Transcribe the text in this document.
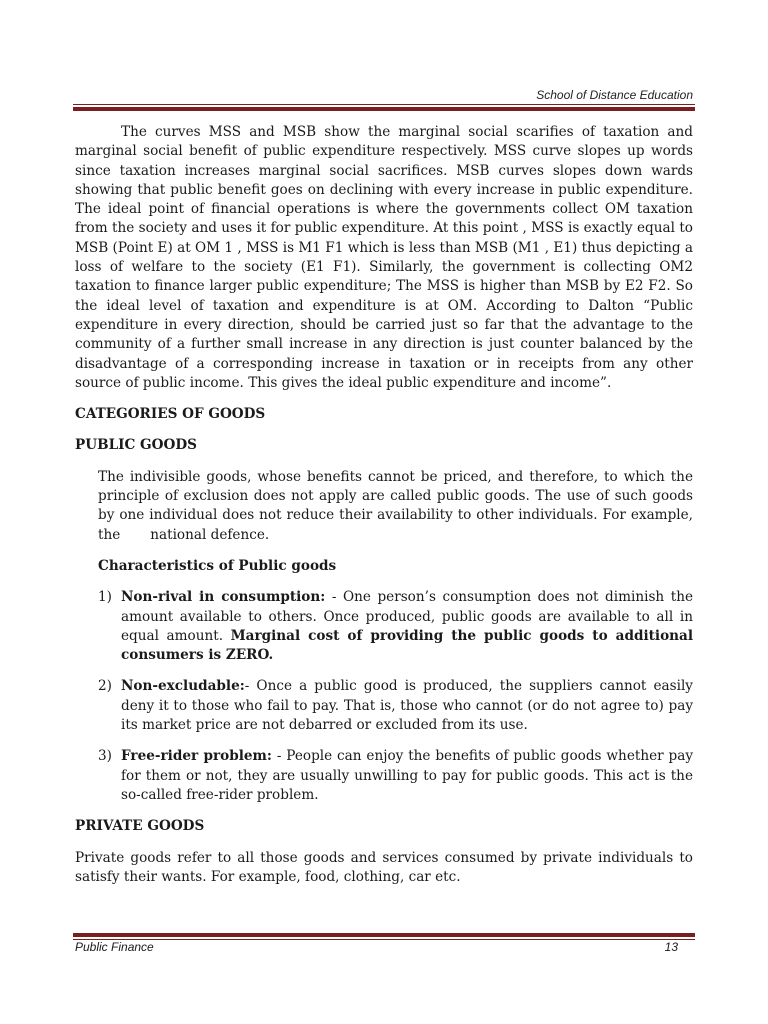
School of Distance Education

The curves MSS and MSB show the marginal social scarifies of taxation and marginal social benefit of public expenditure respectively. MSS curve slopes up words since taxation increases marginal social sacrifices. MSB curves slopes down wards showing that public benefit goes on declining with every increase in public expenditure. The ideal point of financial operations is where the governments collect OM taxation from the society and uses it for public expenditure. At this point , MSS is exactly equal to MSB (Point E) at OM 1 , MSS is M1 F1 which is less than MSB (M1 , E1) thus depicting a loss of welfare to the society (E1 F1). Similarly, the government is collecting OM2 taxation to finance larger public expenditure; The MSS is higher than MSB by E2 F2. So the ideal level of taxation and expenditure is at OM. According to Dalton “Public expenditure in every direction, should be carried just so far that the advantage to the community of a further small increase in any direction is just counter balanced by the disadvantage of a corresponding increase in taxation or in receipts from any other source of public income. This gives the ideal public expenditure and income”.

CATEGORIES OF GOODS

PUBLIC GOODS

The indivisible goods, whose benefits cannot be priced, and therefore, to which the principle of exclusion does not apply are called public goods. The use of such goods by one individual does not reduce their availability to other individuals. For example, the national defence.

Characteristics of Public goods

1) Non-rival in consumption: - One person’s consumption does not diminish the amount available to others. Once produced, public goods are available to all in equal amount. Marginal cost of providing the public goods to additional consumers is ZERO.
2) Non-excludable:- Once a public good is produced, the suppliers cannot easily deny it to those who fail to pay. That is, those who cannot (or do not agree to) pay its market price are not debarred or excluded from its use.
3) Free-rider problem: - People can enjoy the benefits of public goods whether pay for them or not, they are usually unwilling to pay for public goods. This act is the so-called free-rider problem.

PRIVATE GOODS

Private goods refer to all those goods and services consumed by private individuals to satisfy their wants. For example, food, clothing, car etc.

Public Finance	13
